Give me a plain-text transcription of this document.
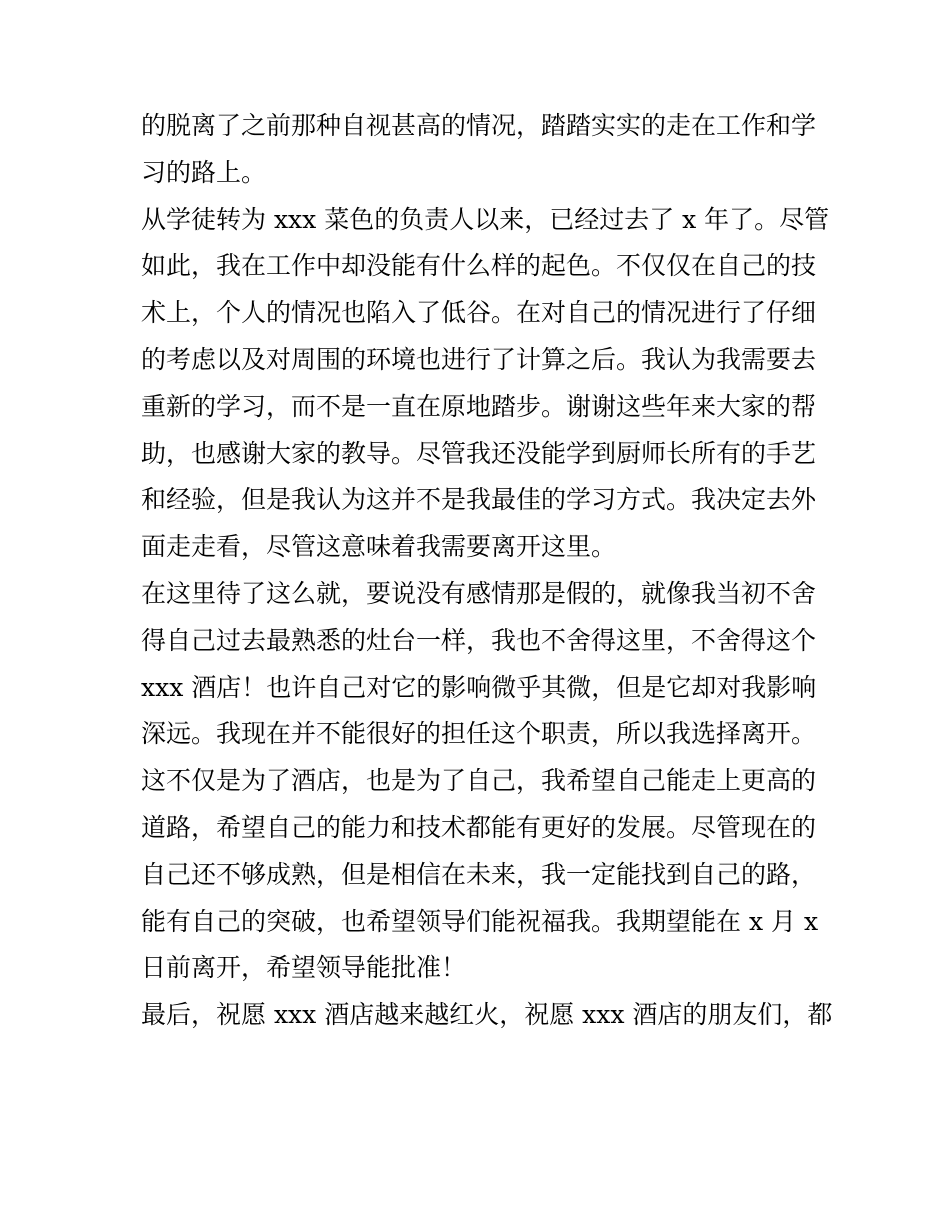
的脱离了之前那种自视甚高的情况，踏踏实实的走在工作和学

习的路上。

从学徒转为 xxx 菜色的负责人以来，已经过去了 x 年了。尽管

如此，我在工作中却没能有什么样的起色。不仅仅在自己的技

术上，个人的情况也陷入了低谷。在对自己的情况进行了仔细

的考虑以及对周围的环境也进行了计算之后。我认为我需要去

重新的学习，而不是一直在原地踏步。谢谢这些年来大家的帮

助，也感谢大家的教导。尽管我还没能学到厨师长所有的手艺

和经验，但是我认为这并不是我最佳的学习方式。我决定去外

面走走看，尽管这意味着我需要离开这里。

在这里待了这么就，要说没有感情那是假的，就像我当初不舍

得自己过去最熟悉的灶台一样，我也不舍得这里，不舍得这个

xxx 酒店！也许自己对它的影响微乎其微，但是它却对我影响

深远。我现在并不能很好的担任这个职责，所以我选择离开。

这不仅是为了酒店，也是为了自己，我希望自己能走上更高的

道路，希望自己的能力和技术都能有更好的发展。尽管现在的

自己还不够成熟，但是相信在未来，我一定能找到自己的路，

能有自己的突破，也希望领导们能祝福我。我期望能在 x 月 x

日前离开，希望领导能批准！

最后，祝愿 xxx 酒店越来越红火，祝愿 xxx 酒店的朋友们，都
